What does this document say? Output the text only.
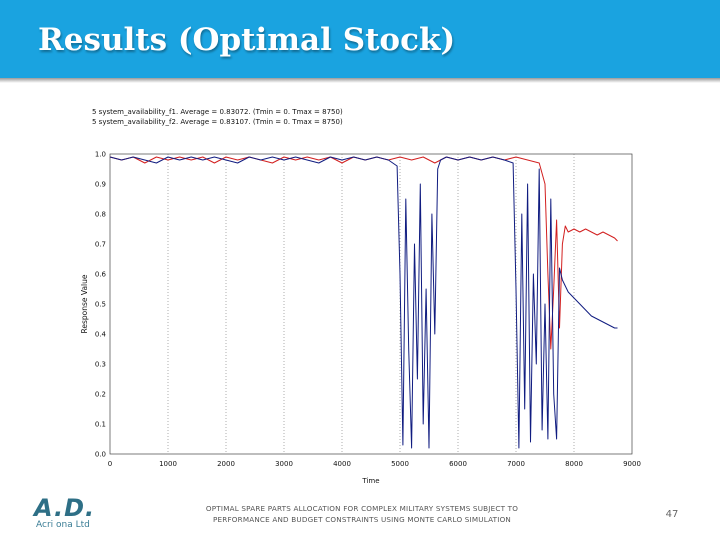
Results (Optimal Stock)
5 system_availability_f1. Average = 0.83072. (Tmin = 0. Tmax = 8750)
5 system_availability_f2. Average = 0.83107. (Tmin = 0. Tmax = 8750)
0	1000	2000	3000	4000	5000	6000	7000	8000	9000
0.0
0.1
0.2
0.3
0.4
0.5
0.6
0.7
0.8
0.9
1.0
Time
Response Value
A.D.
Acri ona Ltd
OPTIMAL SPARE PARTS ALLOCATION FOR COMPLEX MILITARY SYSTEMS SUBJECT TO
PERFORMANCE AND BUDGET CONSTRAINTS USING MONTE CARLO SIMULATION	47
